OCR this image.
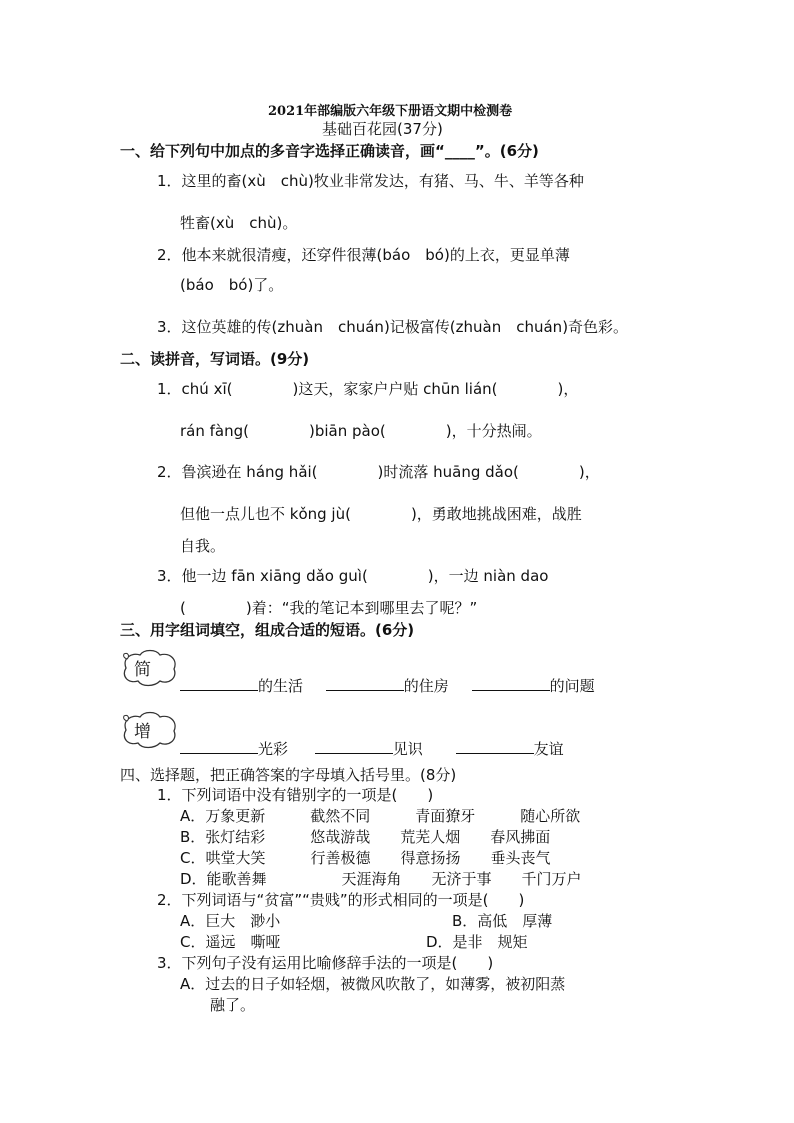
2021年部编版六年级下册语文期中检测卷
基础百花园(37分)
一、给下列句中加点的多音字选择正确读音，画“____”。(6分)
1．这里的畜(xù　chù)牧业非常发达，有猪、马、牛、羊等各种
牲畜(xù　chù)。
2．他本来就很清瘦，还穿件很薄(báo　bó)的上衣，更显单薄
(báo　bó)了。
3．这位英雄的传(zhuàn　chuán)记极富传(zhuàn　chuán)奇色彩。
二、读拼音，写词语。(9分)
1．chú xī(　　　　)这天，家家户户贴 chūn lián(　　　　)，
rán fàng(　　　　)biān pào(　　　　)，十分热闹。
2．鲁滨逊在 háng hǎi(　　　　)时流落 huāng dǎo(　　　　)，
但他一点儿也不 kǒng jù(　　　　)，勇敢地挑战困难，战胜
自我。
3．他一边 fān xiāng dǎo guì(　　　　)，一边 niàn dao
(　　　　)着：“我的笔记本到哪里去了呢？”
三、用字组词填空，组成合适的短语。(6分)
简
的生活	的住房	的问题
增
光彩	见识	友谊
四、选择题，把正确答案的字母填入括号里。(8分)
1．下列词语中没有错别字的一项是(　　)
A．万象更新　　　截然不同　　　青面獠牙　　　随心所欲
B．张灯结彩　　　悠哉游哉　　荒芜人烟　　春风拂面
C．哄堂大笑　　　行善极德　　得意扬扬　　垂头丧气
D．能歌善舞　　　　　天涯海角　　无济于事　　千门万户
2．下列词语与“贫富”“贵贱”的形式相同的一项是(　　)
A．巨大　渺小	B．高低　厚薄
C．遥远　嘶哑	D．是非　规矩
3．下列句子没有运用比喻修辞手法的一项是(　　)
A．过去的日子如轻烟，被微风吹散了，如薄雾，被初阳蒸
融了。
